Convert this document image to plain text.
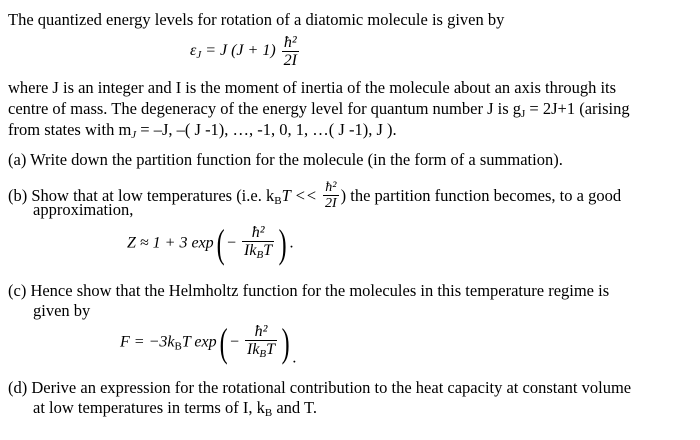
The quantized energy levels for rotation of a diatomic molecule is given by
$\varepsilon_J = J$ $(J + 1) \frac{\text{ħ²}}{2I}$
where J is an integer and I is the moment of inertia of the molecule about an axis through its
centre of mass. The degeneracy of the energy level for quantum number J is $g_J = 2J+1$ (arising
from states with $m_J = -J$, –( J -1), …, -1, 0, 1, …( J -1), J ).
(a) Write down the partition function for the molecule (in the form of a summation).
(b) Show that at low temperatures (i.e. $k_BT << \frac{\text{ħ²}}{2I}$ ) the partition function becomes, to a good
approximation,
Z ≈ 1 + 3 $\exp( - \frac{\text{ħ²}}{Ik_BT}$ ) .
(c) Hence show that the Helmholtz function for the molecules in this temperature regime is
given by
$F = -3k_BT$ $\exp( - \frac{\text{ħ²}}{Ik_BT}$ ) .
(d) Derive an expression for the rotational contribution to the heat capacity at constant volume
at low temperatures in terms of I, $k_B$ and T.
